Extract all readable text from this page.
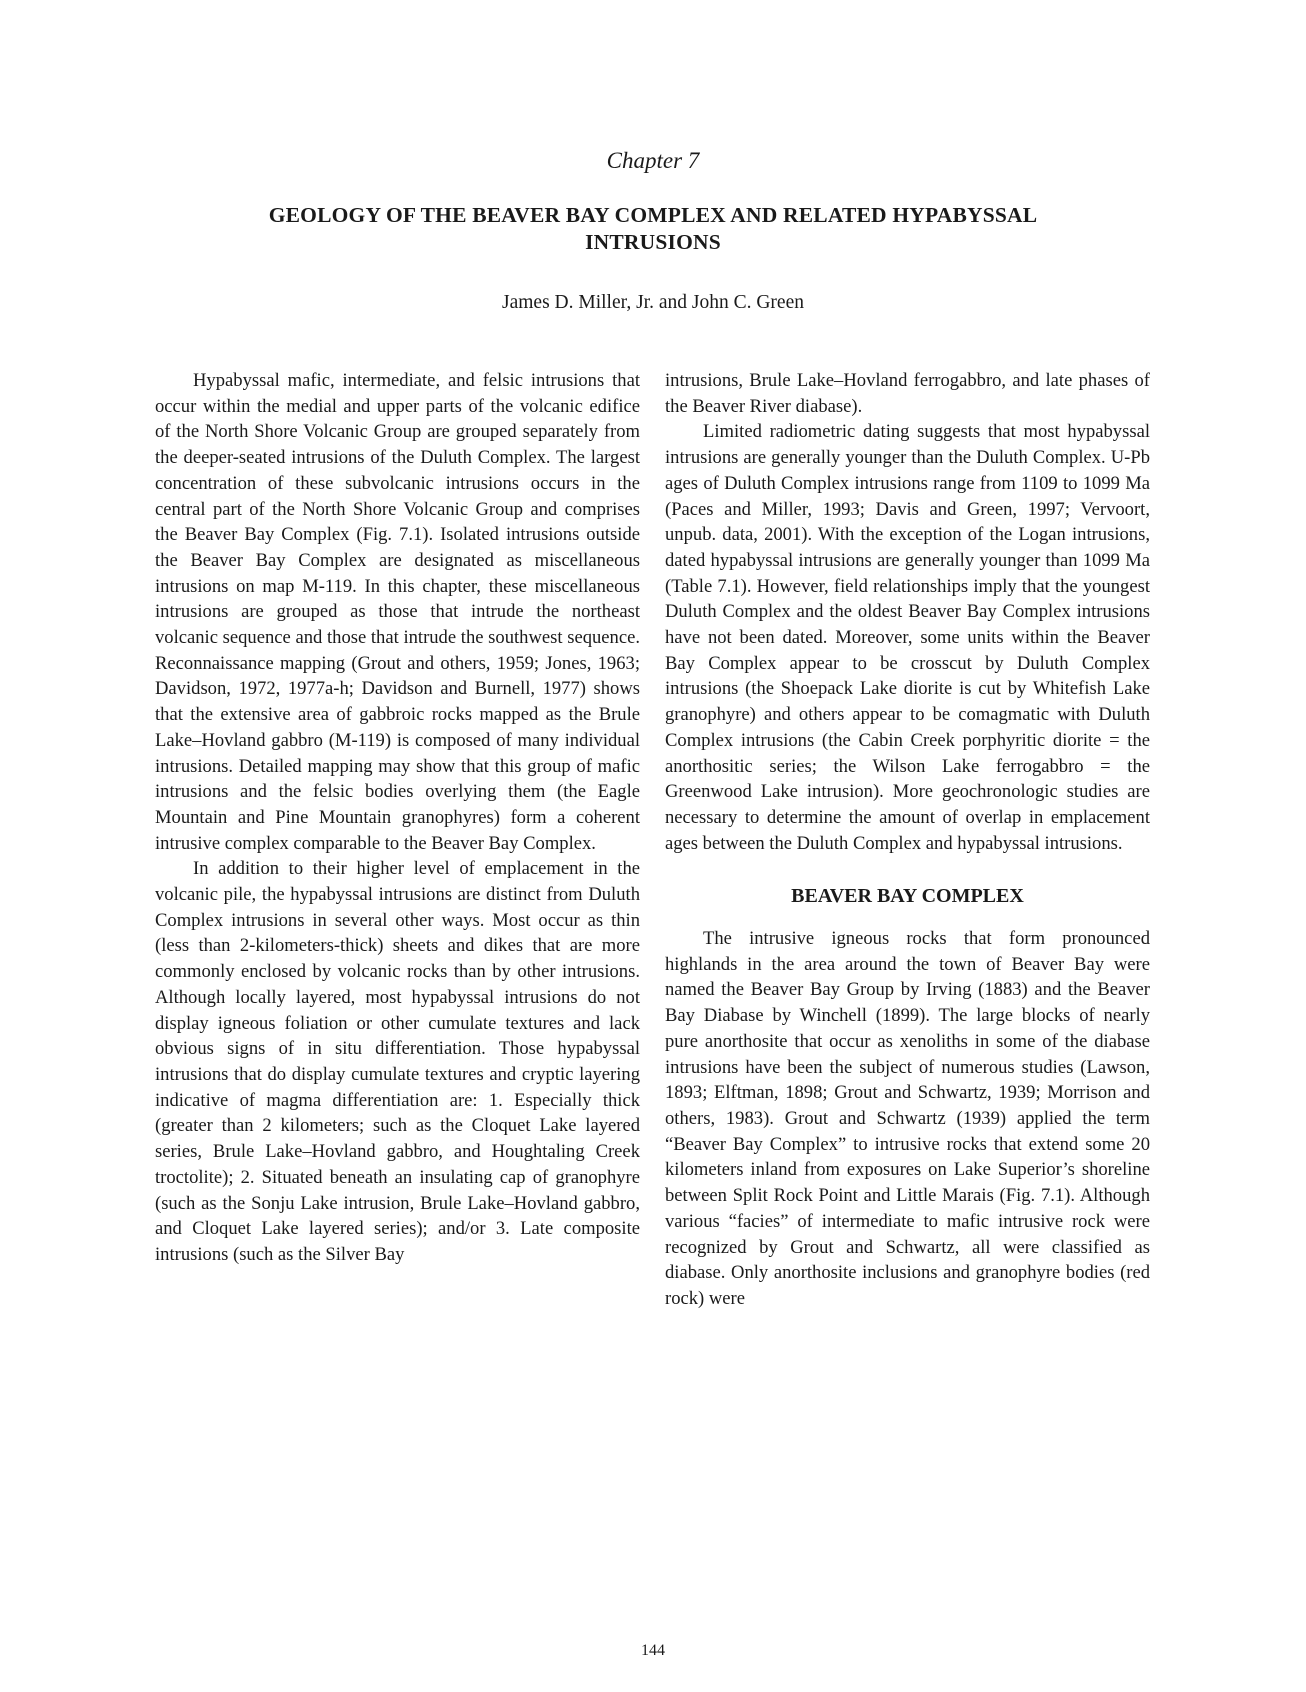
Chapter 7
GEOLOGY OF THE BEAVER BAY COMPLEX AND RELATED HYPABYSSAL INTRUSIONS
James D. Miller, Jr. and John C. Green

Hypabyssal mafic, intermediate, and felsic intrusions that occur within the medial and upper parts of the volcanic edifice of the North Shore Volcanic Group are grouped separately from the deeper-seated intrusions of the Duluth Complex. The largest concentration of these subvolcanic intrusions occurs in the central part of the North Shore Volcanic Group and comprises the Beaver Bay Complex (Fig. 7.1). Isolated intrusions outside the Beaver Bay Complex are designated as miscellaneous intrusions on map M-119. In this chapter, these miscellaneous intrusions are grouped as those that intrude the northeast volcanic sequence and those that intrude the southwest sequence. Reconnaissance mapping (Grout and others, 1959; Jones, 1963; Davidson, 1972, 1977a-h; Davidson and Burnell, 1977) shows that the extensive area of gabbroic rocks mapped as the Brule Lake–Hovland gabbro (M-119) is composed of many individual intrusions. Detailed mapping may show that this group of mafic intrusions and the felsic bodies overlying them (the Eagle Mountain and Pine Mountain granophyres) form a coherent intrusive complex comparable to the Beaver Bay Complex.

In addition to their higher level of emplacement in the volcanic pile, the hypabyssal intrusions are distinct from Duluth Complex intrusions in several other ways. Most occur as thin (less than 2-kilometers-thick) sheets and dikes that are more commonly enclosed by volcanic rocks than by other intrusions. Although locally layered, most hypabyssal intrusions do not display igneous foliation or other cumulate textures and lack obvious signs of in situ differentiation. Those hypabyssal intrusions that do display cumulate textures and cryptic layering indicative of magma differentiation are: 1. Especially thick (greater than 2 kilometers; such as the Cloquet Lake layered series, Brule Lake–Hovland gabbro, and Houghtaling Creek troctolite); 2. Situated beneath an insulating cap of granophyre (such as the Sonju Lake intrusion, Brule Lake–Hovland gabbro, and Cloquet Lake layered series); and/or 3. Late composite intrusions (such as the Silver Bay

intrusions, Brule Lake–Hovland ferrogabbro, and late phases of the Beaver River diabase).

Limited radiometric dating suggests that most hypabyssal intrusions are generally younger than the Duluth Complex. U-Pb ages of Duluth Complex intrusions range from 1109 to 1099 Ma (Paces and Miller, 1993; Davis and Green, 1997; Vervoort, unpub. data, 2001). With the exception of the Logan intrusions, dated hypabyssal intrusions are generally younger than 1099 Ma (Table 7.1). However, field relationships imply that the youngest Duluth Complex and the oldest Beaver Bay Complex intrusions have not been dated. Moreover, some units within the Beaver Bay Complex appear to be crosscut by Duluth Complex intrusions (the Shoepack Lake diorite is cut by Whitefish Lake granophyre) and others appear to be comagmatic with Duluth Complex intrusions (the Cabin Creek porphyritic diorite = the anorthositic series; the Wilson Lake ferrogabbro = the Greenwood Lake intrusion). More geochronologic studies are necessary to determine the amount of overlap in emplacement ages between the Duluth Complex and hypabyssal intrusions.

BEAVER BAY COMPLEX

The intrusive igneous rocks that form pronounced highlands in the area around the town of Beaver Bay were named the Beaver Bay Group by Irving (1883) and the Beaver Bay Diabase by Winchell (1899). The large blocks of nearly pure anorthosite that occur as xenoliths in some of the diabase intrusions have been the subject of numerous studies (Lawson, 1893; Elftman, 1898; Grout and Schwartz, 1939; Morrison and others, 1983). Grout and Schwartz (1939) applied the term “Beaver Bay Complex” to intrusive rocks that extend some 20 kilometers inland from exposures on Lake Superior’s shoreline between Split Rock Point and Little Marais (Fig. 7.1). Although various “facies” of intermediate to mafic intrusive rock were recognized by Grout and Schwartz, all were classified as diabase. Only anorthosite inclusions and granophyre bodies (red rock) were

144
